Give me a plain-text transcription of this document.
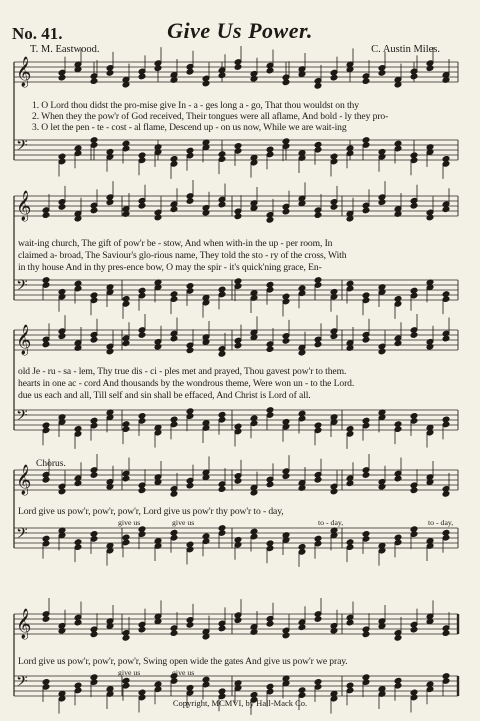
No. 41.	Give Us Power.
T. M. Eastwood.	C. Austin Miles.
𝄞
𝄢
𝄞
𝄢
𝄞
𝄢
𝄞
𝄢
𝄞
𝄢
1. O Lord thou didst the pro-mise give In - a - ges long a - go, That thou wouldst on thy
2. When they the pow'r of God received, Their tongues were all aflame, And bold - ly they pro-
3. O let the pen - te - cost - al flame, Descend up - on us now, While we are wait-ing
wait-ing church, The gift of pow'r be - stow, And when with-in the up - per room, In
claimed a- broad, The Saviour's glo-rious name, They told the sto - ry of the cross, With
in thy house And in thy pres-ence bow, O may the spir - it's quick'ning grace, En-
old Je - ru - sa - lem, Thy true dis - ci - ples met and prayed, Thou gavest pow'r to them.
hearts in one ac - cord And thousands by the wondrous theme, Were won un - to the Lord.
due us each and all, Till self and sin shall be effaced, And Christ is Lord of all.
Chorus.
Lord give us pow'r, pow'r, pow'r, Lord give us pow'r thy pow'r to - day,
give us	give us	to - day,	to - day,
Lord give us pow'r, pow'r, pow'r, Swing open wide the gates And give us pow'r we pray.
give us	give us
Copyright, MCMVI, by Hall-Mack Co.
